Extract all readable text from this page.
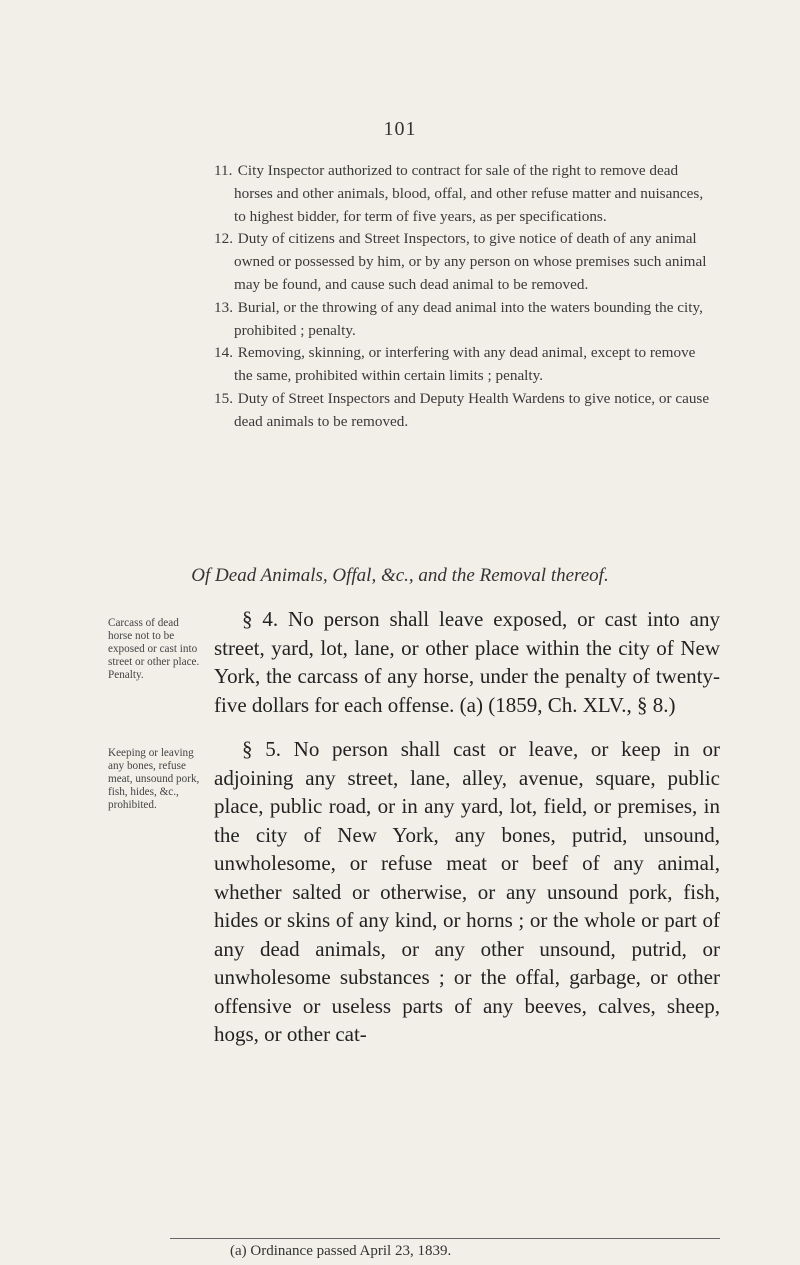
101
11. City Inspector authorized to contract for sale of the right to remove dead horses and other animals, blood, offal, and other refuse matter and nuisances, to highest bidder, for term of five years, as per specifications.
12. Duty of citizens and Street Inspectors, to give notice of death of any animal owned or possessed by him, or by any person on whose premises such animal may be found, and cause such dead animal to be removed.
13. Burial, or the throwing of any dead animal into the waters bounding the city, prohibited ; penalty.
14. Removing, skinning, or interfering with any dead animal, except to remove the same, prohibited within certain limits ; penalty.
15. Duty of Street Inspectors and Deputy Health Wardens to give notice, or cause dead animals to be removed.
Of Dead Animals, Offal, &c., and the Removal thereof.
Carcass of dead horse not to be exposed or cast into street or other place. Penalty.
§ 4. No person shall leave exposed, or cast into any street, yard, lot, lane, or other place within the city of New York, the carcass of any horse, under the penalty of twenty-five dollars for each offense. (a) (1859, Ch. XLV., § 8.)
Keeping or leaving any bones, refuse meat, unsound pork, fish, hides, &c., prohibited.
§ 5. No person shall cast or leave, or keep in or adjoining any street, lane, alley, avenue, square, public place, public road, or in any yard, lot, field, or premises, in the city of New York, any bones, putrid, unsound, unwholesome, or refuse meat or beef of any animal, whether salted or otherwise, or any unsound pork, fish, hides or skins of any kind, or horns ; or the whole or part of any dead animals, or any other unsound, putrid, or unwholesome substances ; or the offal, garbage, or other offensive or useless parts of any beeves, calves, sheep, hogs, or other cat-
(a) Ordinance passed April 23, 1839.
